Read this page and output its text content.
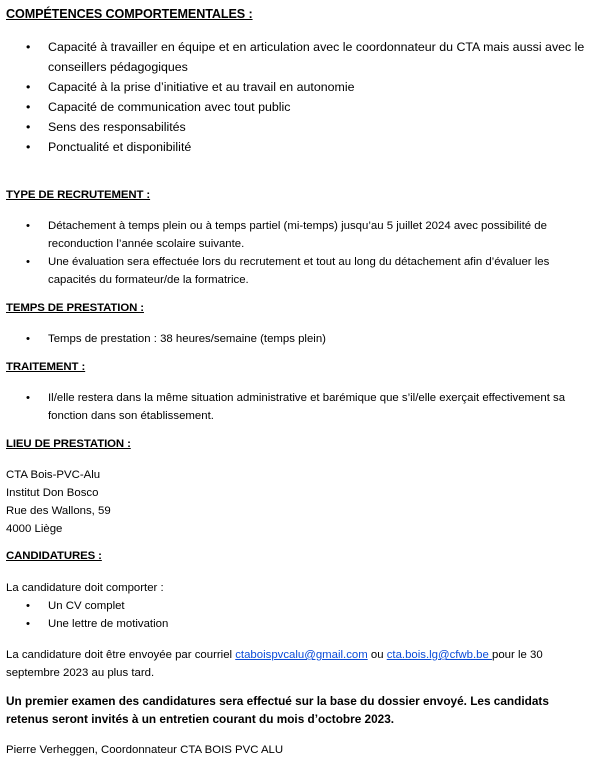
COMPÉTENCES COMPORTEMENTALES :
• Capacité à travailler en équipe et en articulation avec le coordonnateur du CTA mais aussi avec le conseillers pédagogiques
• Capacité à la prise d’initiative et au travail en autonomie
• Capacité de communication avec tout public
• Sens des responsabilités
• Ponctualité et disponibilité
TYPE DE RECRUTEMENT :
• Détachement à temps plein ou à temps partiel (mi-temps) jusqu’au 5 juillet 2024 avec possibilité de reconduction l’année scolaire suivante.
• Une évaluation sera effectuée lors du recrutement et tout au long du détachement afin d’évaluer les capacités du formateur/de la formatrice.
TEMPS DE PRESTATION :
• Temps de prestation : 38 heures/semaine (temps plein)
TRAITEMENT :
• Il/elle restera dans la même situation administrative et barémique que s’il/elle exerçait effectivement sa fonction dans son établissement.
LIEU DE PRESTATION :
CTA Bois-PVC-Alu
Institut Don Bosco
Rue des Wallons, 59
4000 Liège
CANDIDATURES :
La candidature doit comporter :
• Un CV complet
• Une lettre de motivation
La candidature doit être envoyée par courriel ctaboispvcalu@gmail.com ou cta.bois.lg@cfwb.be pour le 30
septembre 2023 au plus tard.
Un premier examen des candidatures sera effectué sur la base du dossier envoyé. Les candidats retenus seront invités à un entretien courant du mois d’octobre 2023.
Pierre Verheggen, Coordonnateur CTA BOIS PVC ALU
